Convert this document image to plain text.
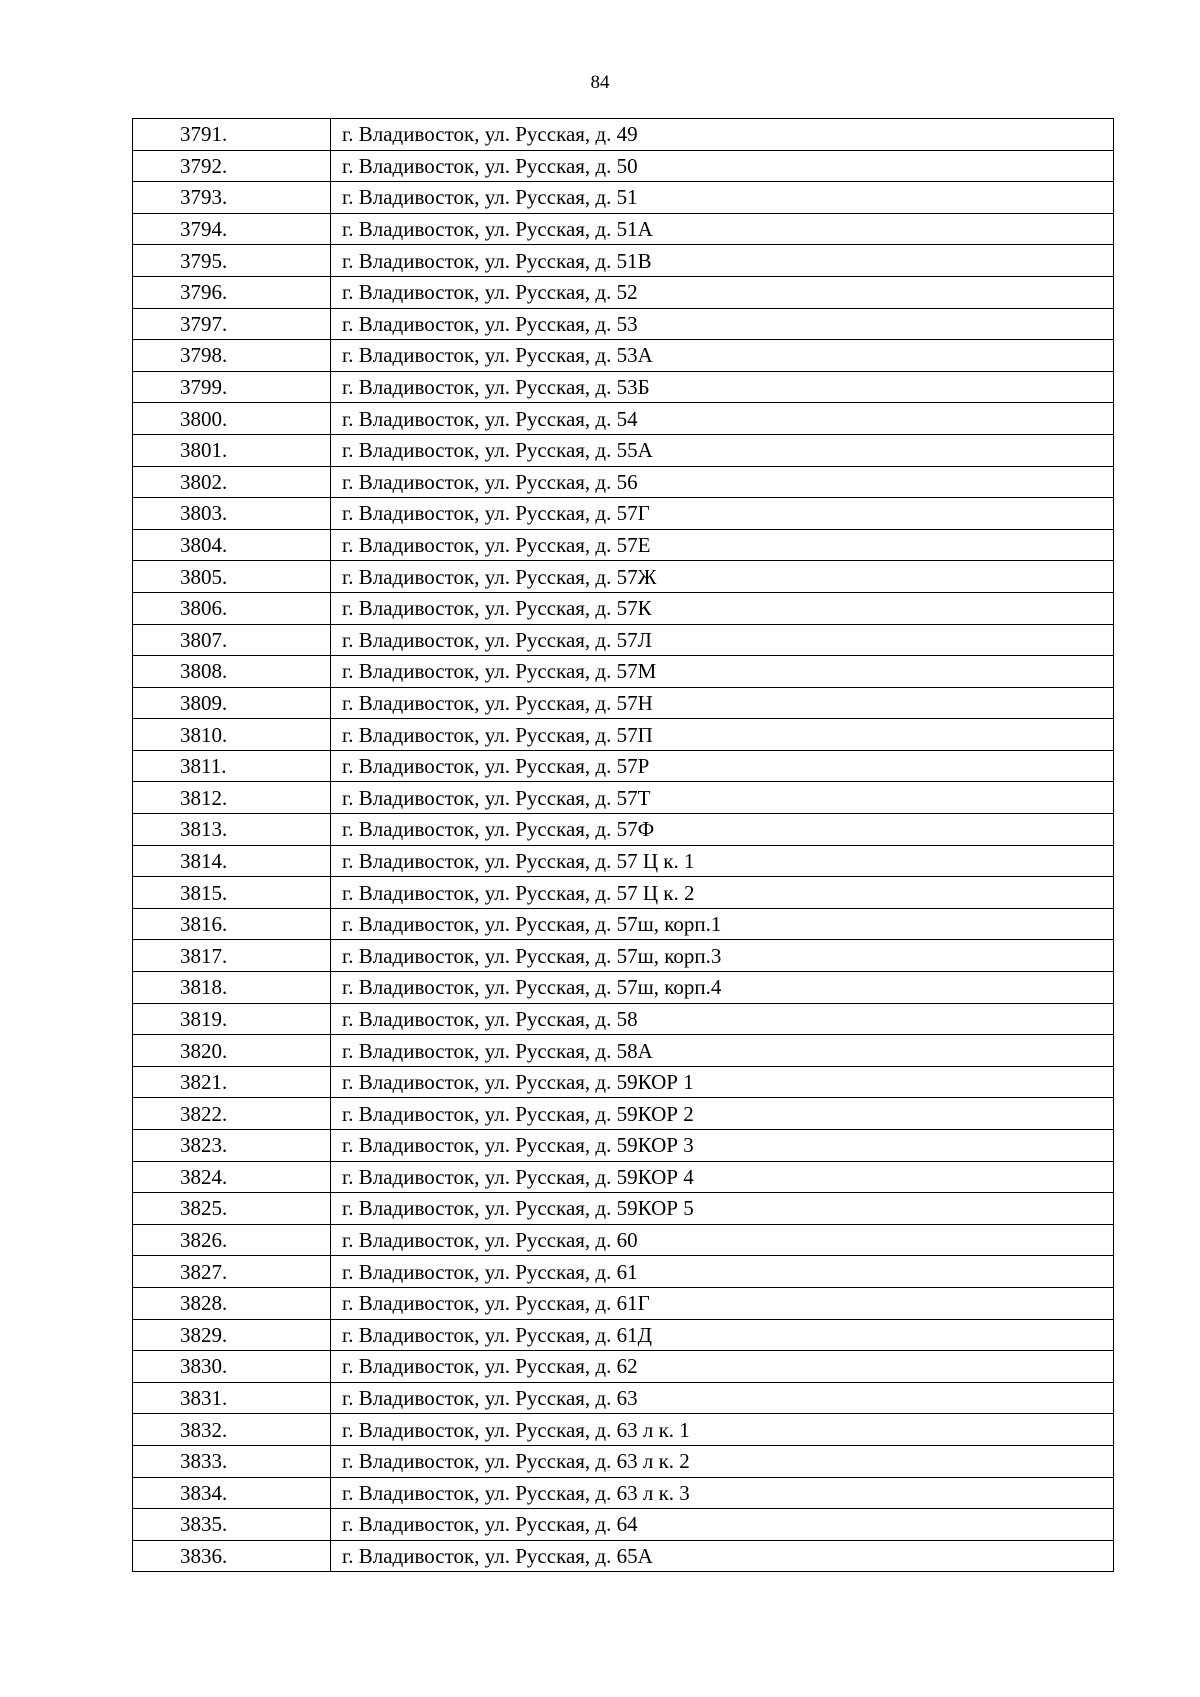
84
3791.	г. Владивосток, ул. Русская, д. 49
3792.	г. Владивосток, ул. Русская, д. 50
3793.	г. Владивосток, ул. Русская, д. 51
3794.	г. Владивосток, ул. Русская, д. 51А
3795.	г. Владивосток, ул. Русская, д. 51В
3796.	г. Владивосток, ул. Русская, д. 52
3797.	г. Владивосток, ул. Русская, д. 53
3798.	г. Владивосток, ул. Русская, д. 53А
3799.	г. Владивосток, ул. Русская, д. 53Б
3800.	г. Владивосток, ул. Русская, д. 54
3801.	г. Владивосток, ул. Русская, д. 55А
3802.	г. Владивосток, ул. Русская, д. 56
3803.	г. Владивосток, ул. Русская, д. 57Г
3804.	г. Владивосток, ул. Русская, д. 57Е
3805.	г. Владивосток, ул. Русская, д. 57Ж
3806.	г. Владивосток, ул. Русская, д. 57К
3807.	г. Владивосток, ул. Русская, д. 57Л
3808.	г. Владивосток, ул. Русская, д. 57М
3809.	г. Владивосток, ул. Русская, д. 57Н
3810.	г. Владивосток, ул. Русская, д. 57П
3811.	г. Владивосток, ул. Русская, д. 57Р
3812.	г. Владивосток, ул. Русская, д. 57Т
3813.	г. Владивосток, ул. Русская, д. 57Ф
3814.	г. Владивосток, ул. Русская, д. 57 Ц к. 1
3815.	г. Владивосток, ул. Русская, д. 57 Ц к. 2
3816.	г. Владивосток, ул. Русская, д. 57ш, корп.1
3817.	г. Владивосток, ул. Русская, д. 57ш, корп.3
3818.	г. Владивосток, ул. Русская, д. 57ш, корп.4
3819.	г. Владивосток, ул. Русская, д. 58
3820.	г. Владивосток, ул. Русская, д. 58А
3821.	г. Владивосток, ул. Русская, д. 59КОР 1
3822.	г. Владивосток, ул. Русская, д. 59КОР 2
3823.	г. Владивосток, ул. Русская, д. 59КОР 3
3824.	г. Владивосток, ул. Русская, д. 59КОР 4
3825.	г. Владивосток, ул. Русская, д. 59КОР 5
3826.	г. Владивосток, ул. Русская, д. 60
3827.	г. Владивосток, ул. Русская, д. 61
3828.	г. Владивосток, ул. Русская, д. 61Г
3829.	г. Владивосток, ул. Русская, д. 61Д
3830.	г. Владивосток, ул. Русская, д. 62
3831.	г. Владивосток, ул. Русская, д. 63
3832.	г. Владивосток, ул. Русская, д. 63 л к. 1
3833.	г. Владивосток, ул. Русская, д. 63 л к. 2
3834.	г. Владивосток, ул. Русская, д. 63 л к. 3
3835.	г. Владивосток, ул. Русская, д. 64
3836.	г. Владивосток, ул. Русская, д. 65А
